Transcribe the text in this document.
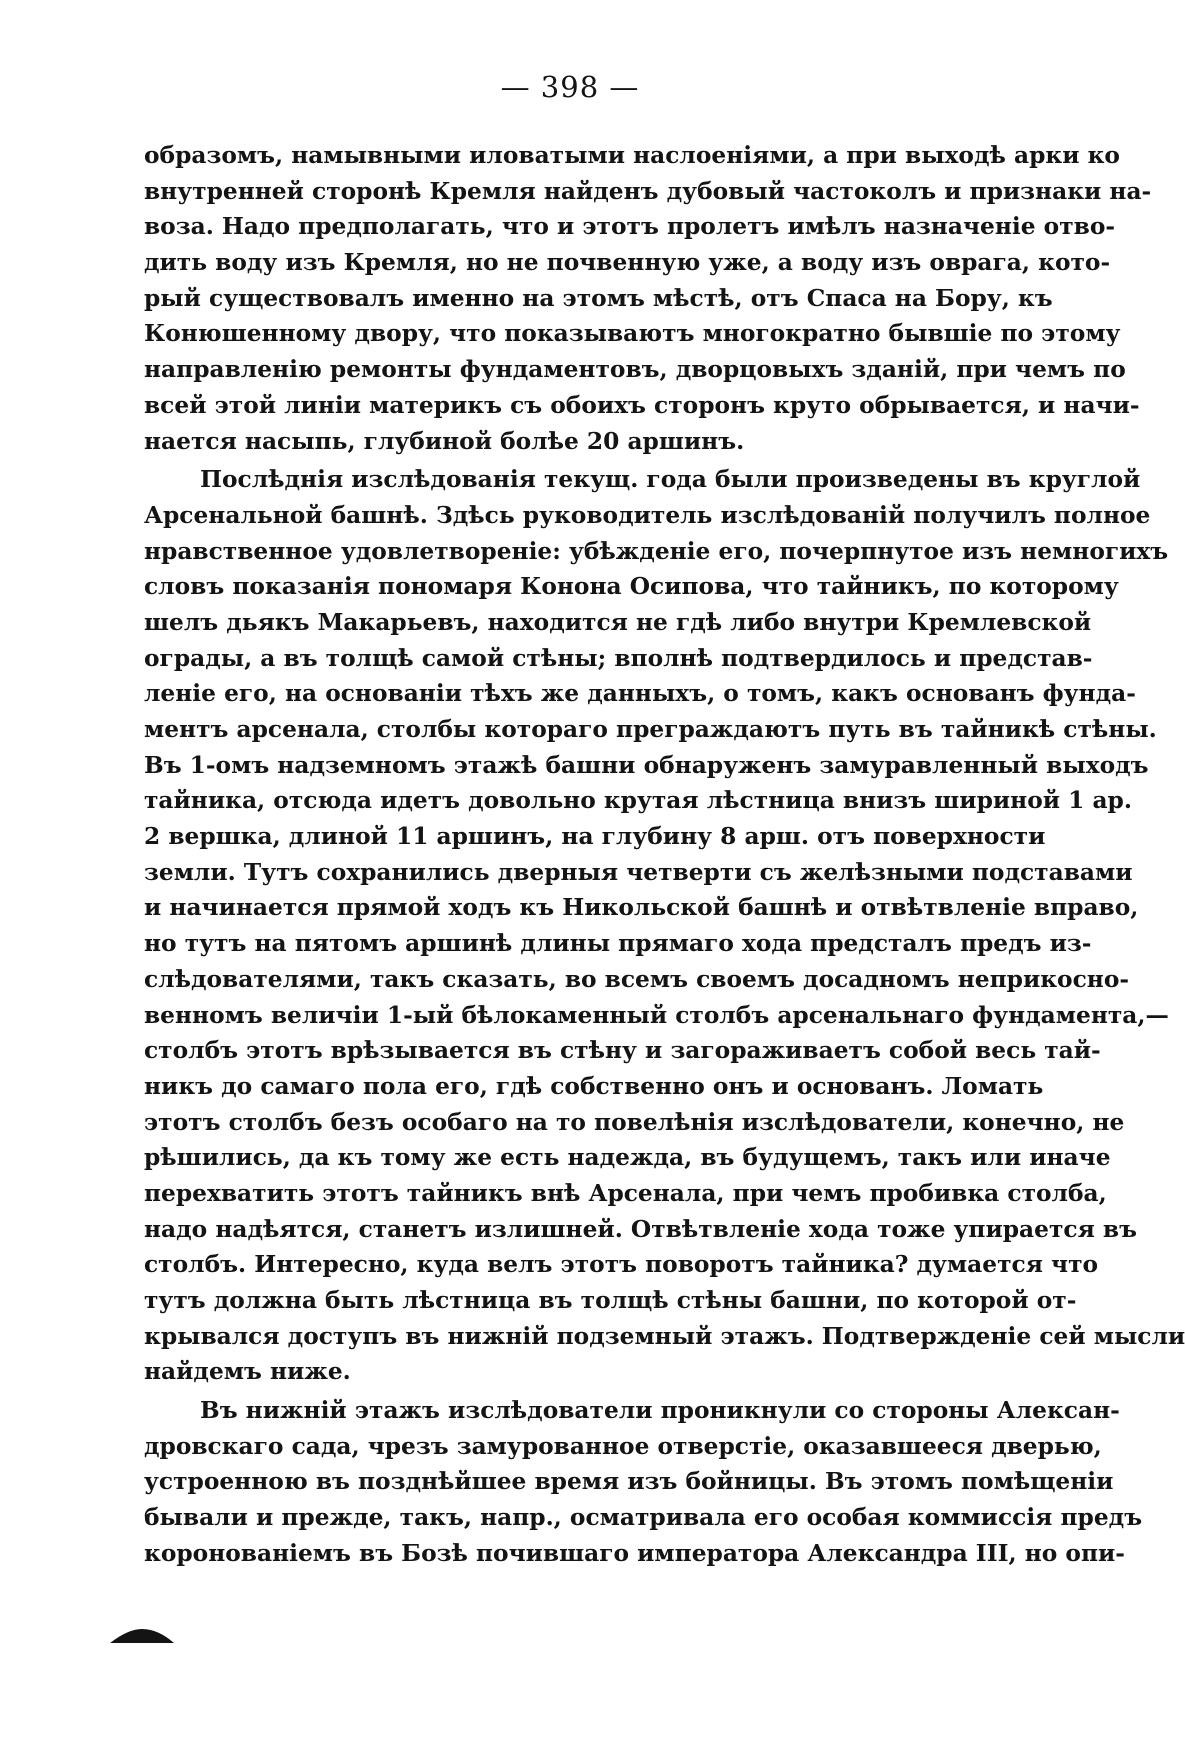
— 398 —
образомъ, намывными иловатыми наслоеніями, а при выходѣ арки ко
внутренней сторонѣ Кремля найденъ дубовый частоколъ и признаки на-
воза. Надо предполагать, что и этотъ пролетъ имѣлъ назначеніе отво-
дить воду изъ Кремля, но не почвенную уже, а воду изъ оврага, кото-
рый существовалъ именно на этомъ мѣстѣ, отъ Спаса на Бору, къ
Конюшенному двору, что показываютъ многократно бывшіе по этому
направленію ремонты фундаментовъ, дворцовыхъ зданій, при чемъ по
всей этой линіи материкъ съ обоихъ сторонъ круто обрывается, и начи-
нается насыпь, глубиной болѣе 20 аршинъ.
Послѣднія изслѣдованія текущ. года были произведены въ круглой
Арсенальной башнѣ. Здѣсь руководитель изслѣдованій получилъ полное
нравственное удовлетвореніе: убѣжденіе его, почерпнутое изъ немногихъ
словъ показанія пономаря Конона Осипова, что тайникъ, по которому
шелъ дьякъ Макарьевъ, находится не гдѣ либо внутри Кремлевской
ограды, а въ толщѣ самой стѣны; вполнѣ подтвердилось и представ-
леніе его, на основаніи тѣхъ же данныхъ, о томъ, какъ основанъ фунда-
ментъ арсенала, столбы котораго преграждаютъ путь въ тайникѣ стѣны.
Въ 1-омъ надземномъ этажѣ башни обнаруженъ замуравленный выходъ
тайника, отсюда идетъ довольно крутая лѣстница внизъ шириной 1 ар.
2 вершка, длиной 11 аршинъ, на глубину 8 арш. отъ поверхности
земли. Тутъ сохранились дверныя четверти съ желѣзными подставами
и начинается прямой ходъ къ Никольской башнѣ и отвѣтвленіе вправо,
но тутъ на пятомъ аршинѣ длины прямаго хода предсталъ предъ из-
слѣдователями, такъ сказать, во всемъ своемъ досадномъ неприкосно-
венномъ величіи 1-ый бѣлокаменный столбъ арсенальнаго фундамента,—
столбъ этотъ врѣзывается въ стѣну и загораживаетъ собой весь тай-
никъ до самаго пола его, гдѣ собственно онъ и основанъ. Ломать
этотъ столбъ безъ особаго на то повелѣнія изслѣдователи, конечно, не
рѣшились, да къ тому же есть надежда, въ будущемъ, такъ или иначе
перехватить этотъ тайникъ внѣ Арсенала, при чемъ пробивка столба,
надо надѣятся, станетъ излишней. Отвѣтвленіе хода тоже упирается въ
столбъ. Интересно, куда велъ этотъ поворотъ тайника? думается что
тутъ должна быть лѣстница въ толщѣ стѣны башни, по которой от-
крывался доступъ въ нижній подземный этажъ. Подтвержденіе сей мысли
найдемъ ниже.
Въ нижній этажъ изслѣдователи проникнули со стороны Алексан-
дровскаго сада, чрезъ замурованное отверстіе, оказавшееся дверью,
устроенною въ позднѣйшее время изъ бойницы. Въ этомъ помѣщеніи
бывали и прежде, такъ, напр., осматривала его особая коммиссія предъ
коронованіемъ въ Бозѣ почившаго императора Александра III, но опи-
